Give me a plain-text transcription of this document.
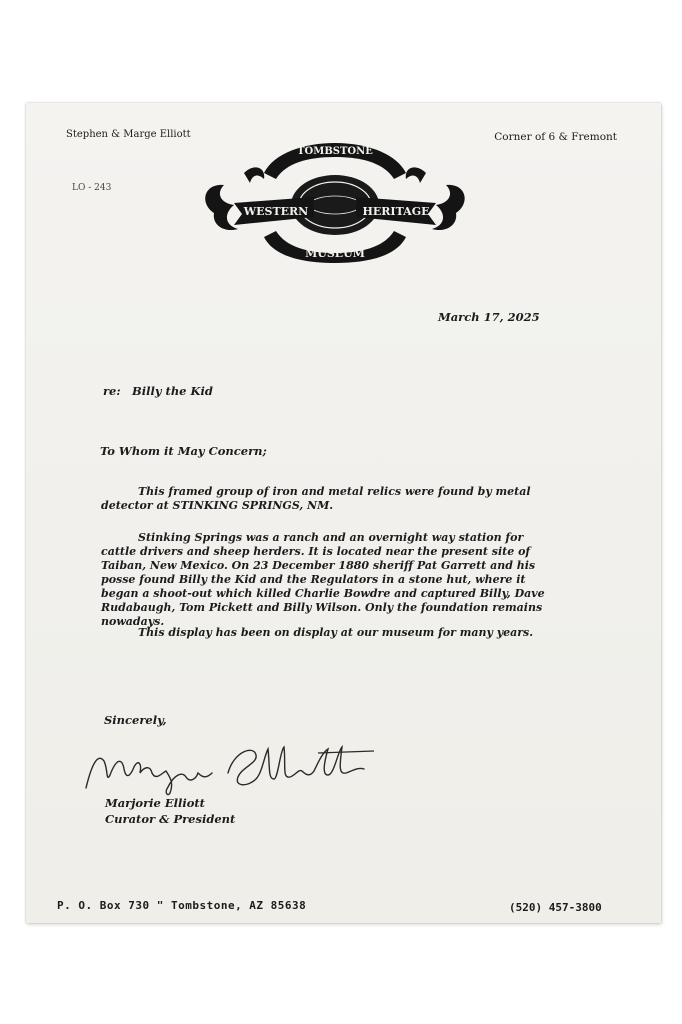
Stephen & Marge Elliott	Corner of 6 & Fremont
LO - 243
TOMBSTONE
WESTERN	HERITAGE
MUSEUM
March 17, 2025
re: Billy the Kid
To Whom it May Concern;
This framed group of iron and metal relics were found by metal detector at STINKING SPRINGS, NM.
Stinking Springs was a ranch and an overnight way station for cattle drivers and sheep herders. It is located near the present site of Taiban, New Mexico. On 23 December 1880 sheriff Pat Garrett and his posse found Billy the Kid and the Regulators in a stone hut, where it began a shoot-out which killed Charlie Bowdre and captured Billy, Dave Rudabaugh, Tom Pickett and Billy Wilson. Only the foundation remains nowadays.
This display has been on display at our museum for many years.
Sincerely,
Marjorie Elliott
Curator & President
P. O. Box 730 " Tombstone, AZ 85638	(520) 457-3800
